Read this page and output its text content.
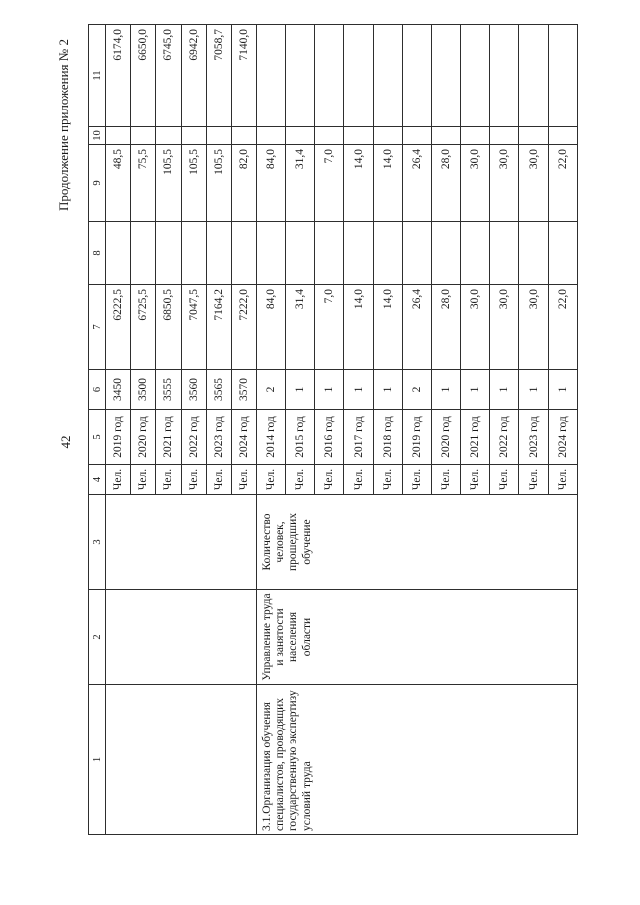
42
Продолжение приложения № 2
1	2	3	4	5	6	7	8	9	10	11
			Чел.	2019 год	3450	6222,5		48,5		6174,0
			Чел.	2020 год	3500	6725,5		75,5		6650,0
			Чел.	2021 год	3555	6850,5		105,5		6745,0
			Чел.	2022 год	3560	7047,5		105,5		6942,0
			Чел.	2023 год	3565	7164,2		105,5		7058,7
			Чел.	2024 год	3570	7222,0		82,0		7140,0
3.1.Организация обучения специалистов, проводящих государственную экспертизу условий труда	Управление труда и занятости населения области	Количество человек, прошедших обучение	Чел.	2014 год	2	84,0		84,0		
			Чел.	2015 год	1	31,4		31,4		
			Чел.	2016 год	1	7,0		7,0		
			Чел.	2017 год	1	14,0		14,0		
			Чел.	2018 год	1	14,0		14,0		
			Чел.	2019 год	2	26,4		26,4		
			Чел.	2020 год	1	28,0		28,0		
			Чел.	2021 год	1	30,0		30,0		
			Чел.	2022 год	1	30,0		30,0		
			Чел.	2023 год	1	30,0		30,0		
			Чел.	2024 год	1	22,0		22,0		
